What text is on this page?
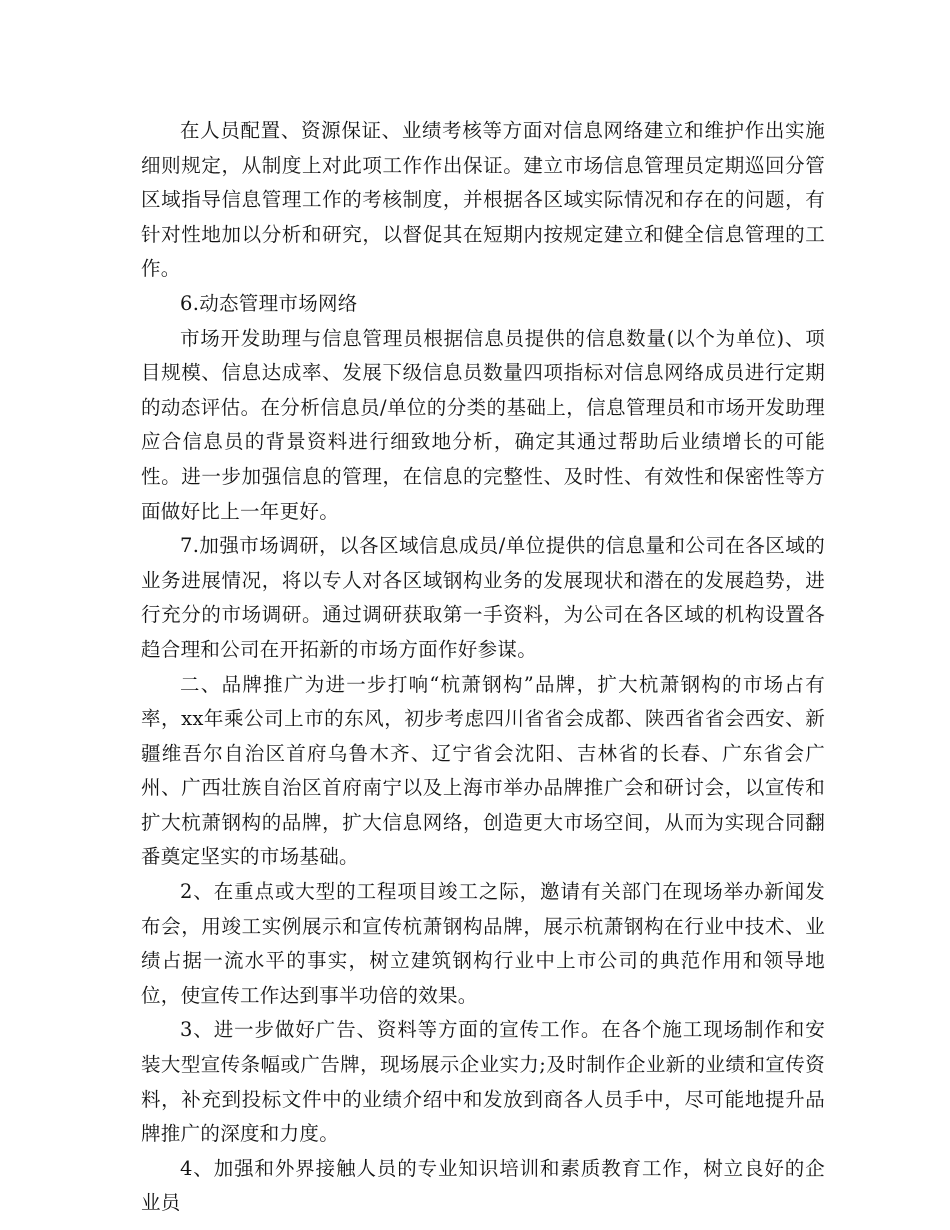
在人员配置、资源保证、业绩考核等方面对信息网络建立和维护作出实施细则规定，从制度上对此项工作作出保证。建立市场信息管理员定期巡回分管区域指导信息管理工作的考核制度，并根据各区域实际情况和存在的问题，有针对性地加以分析和研究，以督促其在短期内按规定建立和健全信息管理的工作。

6.动态管理市场网络

市场开发助理与信息管理员根据信息员提供的信息数量(以个为单位)、项目规模、信息达成率、发展下级信息员数量四项指标对信息网络成员进行定期的动态评估。在分析信息员/单位的分类的基础上，信息管理员和市场开发助理应合信息员的背景资料进行细致地分析，确定其通过帮助后业绩增长的可能性。进一步加强信息的管理，在信息的完整性、及时性、有效性和保密性等方面做好比上一年更好。

7.加强市场调研，以各区域信息成员/单位提供的信息量和公司在各区域的业务进展情况，将以专人对各区域钢构业务的发展现状和潜在的发展趋势，进行充分的市场调研。通过调研获取第一手资料，为公司在各区域的机构设置各趋合理和公司在开拓新的市场方面作好参谋。

二、品牌推广为进一步打响“杭萧钢构”品牌，扩大杭萧钢构的市场占有率，xx年乘公司上市的东风，初步考虑四川省省会成都、陕西省省会西安、新疆维吾尔自治区首府乌鲁木齐、辽宁省会沈阳、吉林省的长春、广东省会广州、广西壮族自治区首府南宁以及上海市举办品牌推广会和研讨会，以宣传和扩大杭萧钢构的品牌，扩大信息网络，创造更大市场空间，从而为实现合同翻番奠定坚实的市场基础。

2、在重点或大型的工程项目竣工之际，邀请有关部门在现场举办新闻发布会，用竣工实例展示和宣传杭萧钢构品牌，展示杭萧钢构在行业中技术、业绩占据一流水平的事实，树立建筑钢构行业中上市公司的典范作用和领导地位，使宣传工作达到事半功倍的效果。

3、进一步做好广告、资料等方面的宣传工作。在各个施工现场制作和安装大型宣传条幅或广告牌，现场展示企业实力;及时制作企业新的业绩和宣传资料，补充到投标文件中的业绩介绍中和发放到商各人员手中，尽可能地提升品牌推广的深度和力度。

4、加强和外界接触人员的专业知识培训和素质教育工作，树立良好的企业员
